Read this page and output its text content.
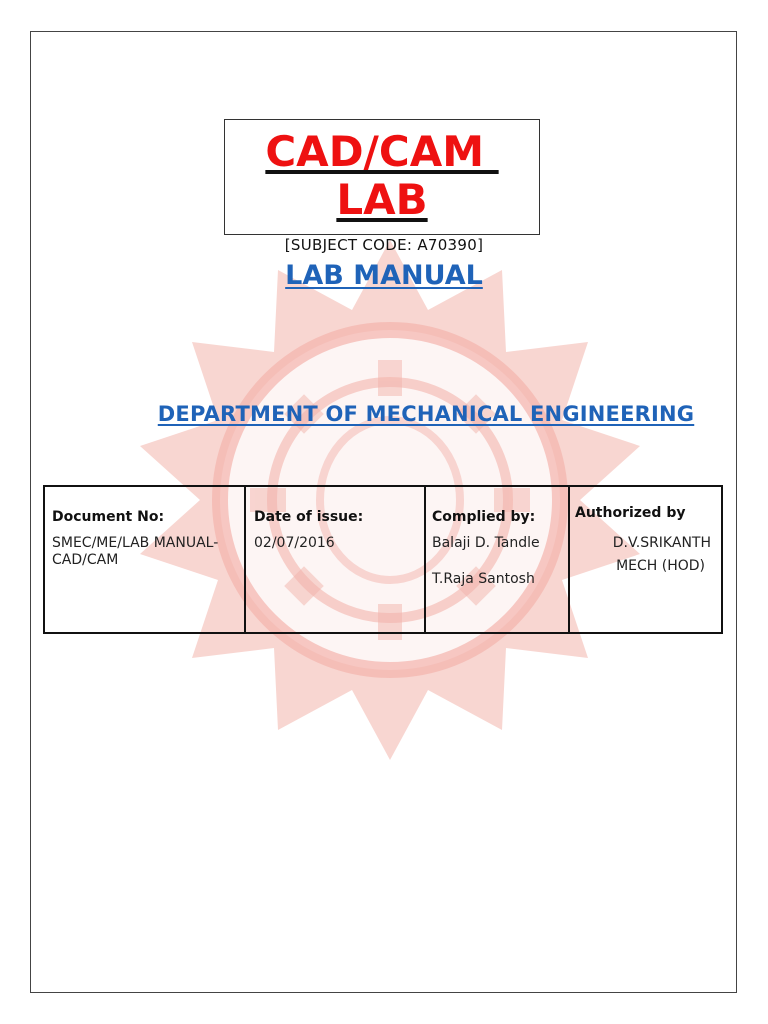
CAD/CAM
LAB
[SUBJECT CODE: A70390]
LAB MANUAL
DEPARTMENT OF MECHANICAL ENGINEERING
Document No:
SMEC/ME/LAB MANUAL-CAD/CAM

Date of issue:
02/07/2016

Complied by:
Balaji D. Tandle
T.Raja Santosh

Authorized by
D.V.SRIKANTH
MECH (HOD)
